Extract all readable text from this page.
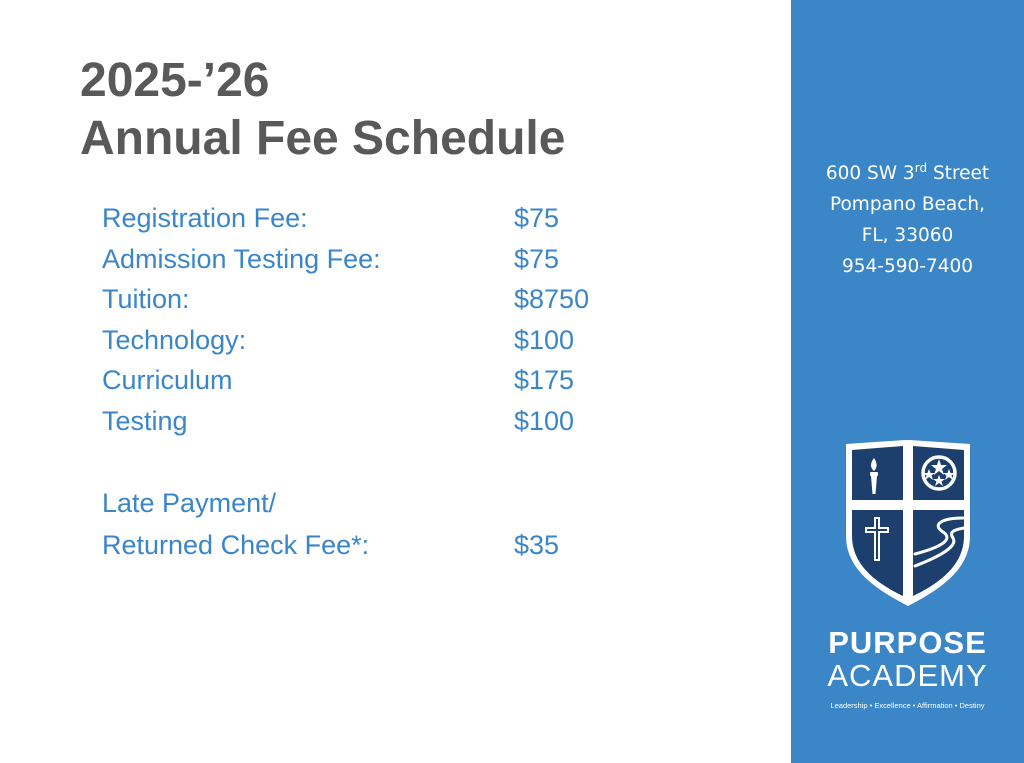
2025-’26
Annual Fee Schedule
Registration Fee:	$75
Admission Testing Fee:	$75
Tuition:	$8750
Technology:	$100
Curriculum	$175
Testing	$100
Late Payment/
Returned Check Fee*:	$35
600 SW 3rd Street
Pompano Beach,
FL, 33060
954-590-7400
PURPOSE
ACADEMY
Leadership • Excellence • Affirmation • Destiny
